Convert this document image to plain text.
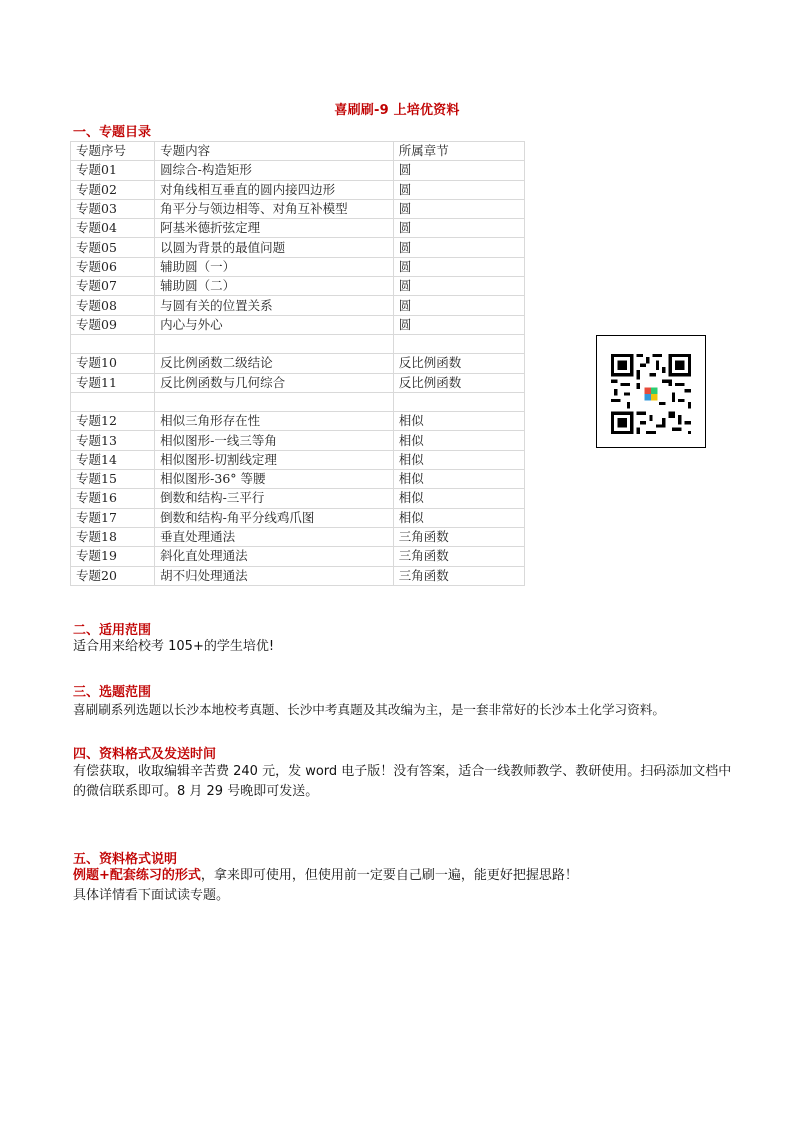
喜刷刷-9 上培优资料
一、专题目录
专题序号	专题内容	所属章节
专题01	圆综合-构造矩形	圆
专题02	对角线相互垂直的圆内接四边形	圆
专题03	角平分与领边相等、对角互补模型	圆
专题04	阿基米德折弦定理	圆
专题05	以圆为背景的最值问题	圆
专题06	辅助圆（一）	圆
专题07	辅助圆（二）	圆
专题08	与圆有关的位置关系	圆
专题09	内心与外心	圆

专题10	反比例函数二级结论	反比例函数
专题11	反比例函数与几何综合	反比例函数

专题12	相似三角形存在性	相似
专题13	相似图形-一线三等角	相似
专题14	相似图形-切割线定理	相似
专题15	相似图形-36° 等腰	相似
专题16	倒数和结构-三平行	相似
专题17	倒数和结构-角平分线鸡爪图	相似
专题18	垂直处理通法	三角函数
专题19	斜化直处理通法	三角函数
专题20	胡不归处理通法	三角函数
二、适用范围
适合用来给校考 105+的学生培优!
三、选题范围
喜刷刷系列选题以长沙本地校考真题、长沙中考真题及其改编为主，是一套非常好的长沙本土化学习资料。
四、资料格式及发送时间
有偿获取，收取编辑辛苦费 240 元，发 word 电子版！没有答案，适合一线教师教学、教研使用。扫码添加文档中的微信联系即可。8 月 29 号晚即可发送。
五、资料格式说明
例题+配套练习的形式，拿来即可使用，但使用前一定要自己刷一遍，能更好把握思路！
具体详情看下面试读专题。
